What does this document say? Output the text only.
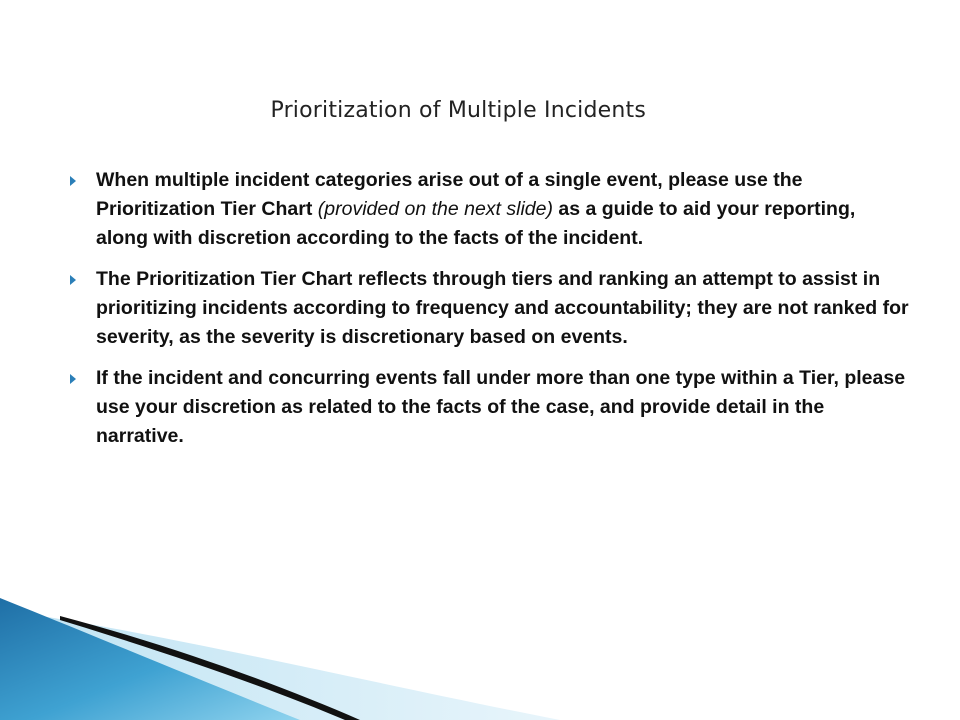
Prioritization of Multiple Incidents
When multiple incident categories arise out of a single event, please use the Prioritization Tier Chart (provided on the next slide) as a guide to aid your reporting, along with discretion according to the facts of the incident.
The Prioritization Tier Chart reflects through tiers and ranking an attempt to assist in prioritizing incidents according to frequency and accountability; they are not ranked for severity, as the severity is discretionary based on events.
If the incident and concurring events fall under more than one type within a Tier, please use your discretion as related to the facts of the case, and provide detail in the narrative.
